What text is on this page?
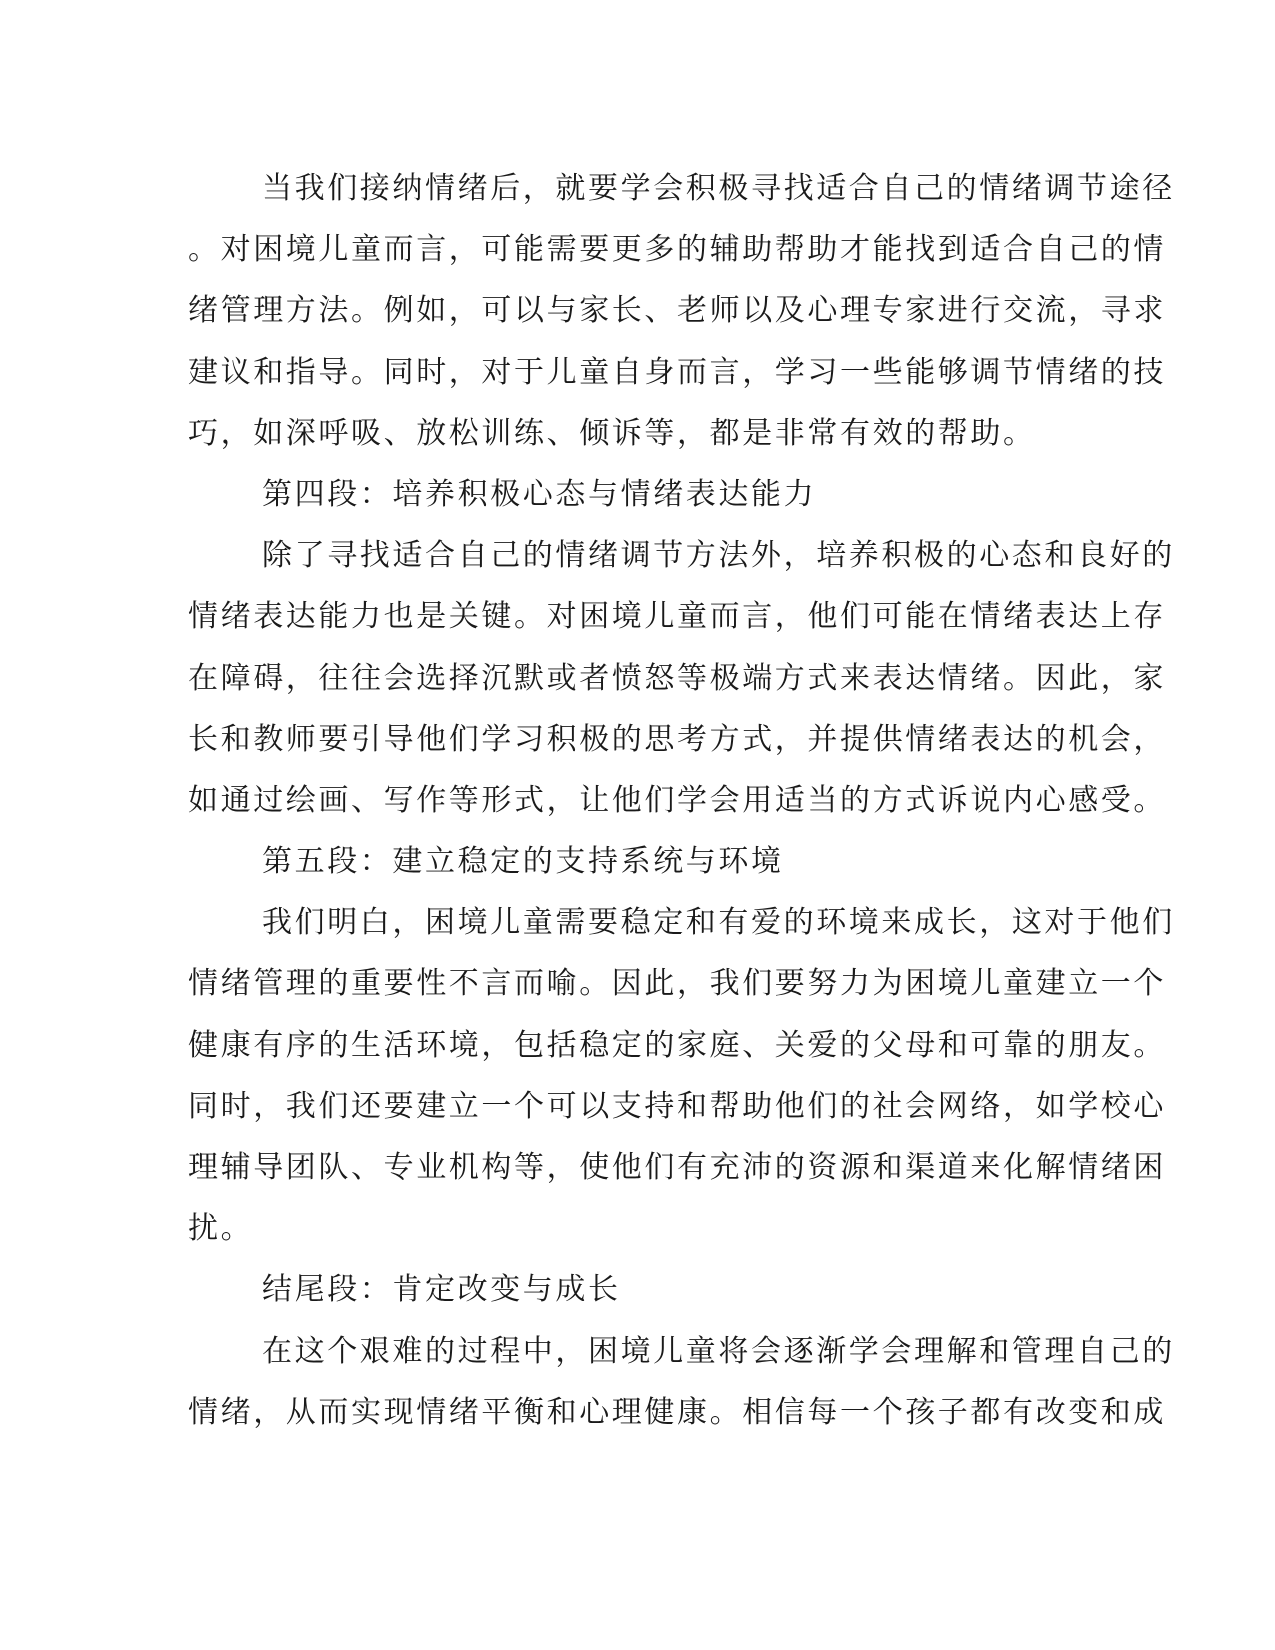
当我们接纳情绪后，就要学会积极寻找适合自己的情绪调节途径
。对困境儿童而言，可能需要更多的辅助帮助才能找到适合自己的情
绪管理方法。例如，可以与家长、老师以及心理专家进行交流，寻求
建议和指导。同时，对于儿童自身而言，学习一些能够调节情绪的技
巧，如深呼吸、放松训练、倾诉等，都是非常有效的帮助。
第四段：培养积极心态与情绪表达能力
除了寻找适合自己的情绪调节方法外，培养积极的心态和良好的
情绪表达能力也是关键。对困境儿童而言，他们可能在情绪表达上存
在障碍，往往会选择沉默或者愤怒等极端方式来表达情绪。因此，家
长和教师要引导他们学习积极的思考方式，并提供情绪表达的机会，
如通过绘画、写作等形式，让他们学会用适当的方式诉说内心感受。
第五段：建立稳定的支持系统与环境
我们明白，困境儿童需要稳定和有爱的环境来成长，这对于他们
情绪管理的重要性不言而喻。因此，我们要努力为困境儿童建立一个
健康有序的生活环境，包括稳定的家庭、关爱的父母和可靠的朋友。
同时，我们还要建立一个可以支持和帮助他们的社会网络，如学校心
理辅导团队、专业机构等，使他们有充沛的资源和渠道来化解情绪困
扰。
结尾段：肯定改变与成长
在这个艰难的过程中，困境儿童将会逐渐学会理解和管理自己的
情绪，从而实现情绪平衡和心理健康。相信每一个孩子都有改变和成
